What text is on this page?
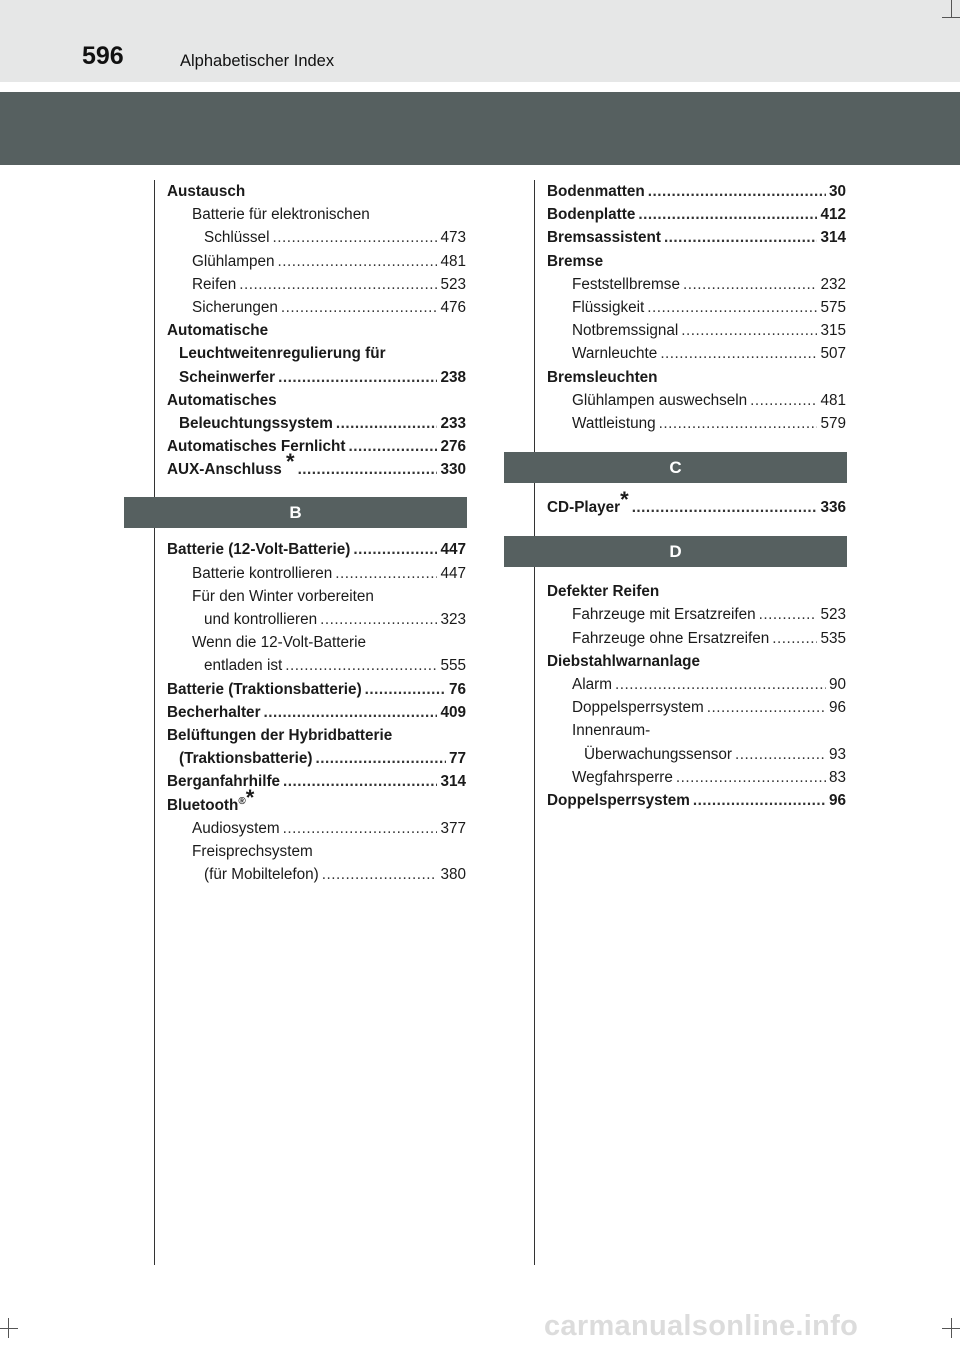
596	Alphabetischer Index
Austausch
Batterie für elektronischen
Schlüssel .....	473
Glühlampen .....	481
Reifen .....	523
Sicherungen .....	476
Automatische
Leuchtweitenregulierung für
Scheinwerfer .....	238
Automatisches
Beleuchtungssystem .....	233
Automatisches Fernlicht .....	276
AUX-Anschluss * .....	330
B
Batterie (12-Volt-Batterie) .....	447
Batterie kontrollieren .....	447
Für den Winter vorbereiten
und kontrollieren .....	323
Wenn die 12-Volt-Batterie
entladen ist .....	555
Batterie (Traktionsbatterie) .....	76
Becherhalter .....	409
Belüftungen der Hybridbatterie
(Traktionsbatterie) .....	77
Berganfahrhilfe .....	314
Bluetooth®*
Audiosystem .....	377
Freisprechsystem
(für Mobiltelefon) .....	380
Bodenmatten .....	30
Bodenplatte .....	412
Bremsassistent .....	314
Bremse
Feststellbremse .....	232
Flüssigkeit .....	575
Notbremssignal .....	315
Warnleuchte .....	507
Bremsleuchten
Glühlampen auswechseln .....	481
Wattleistung .....	579
C
CD-Player* .....	336
D
Defekter Reifen
Fahrzeuge mit Ersatzreifen .....	523
Fahrzeuge ohne Ersatzreifen .....	535
Diebstahlwarnanlage
Alarm .....	90
Doppelsperrsystem .....	96
Innenraum-
Überwachungssensor .....	93
Wegfahrsperre .....	83
Doppelsperrsystem .....	96
carmanualsonline.info
